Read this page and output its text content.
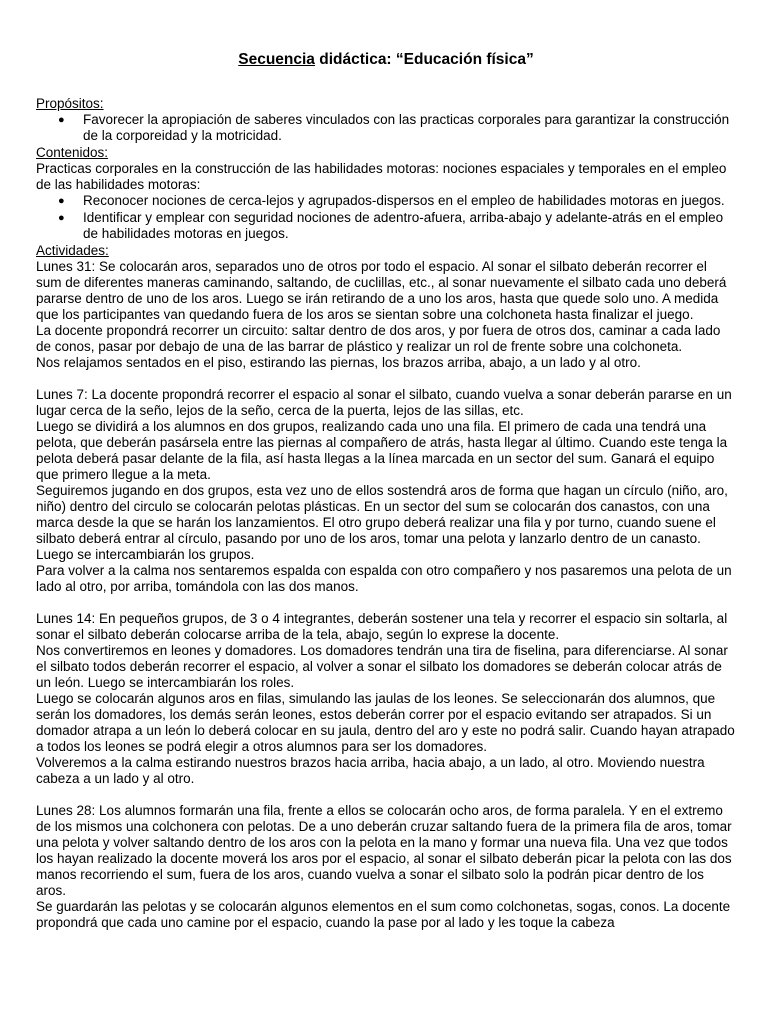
Secuencia didáctica: “Educación física”

Propósitos:

● Favorecer la apropiación de saberes vinculados con las practicas corporales para garantizar la construcción de la corporeidad y la motricidad.

Contenidos:

Practicas corporales en la construcción de las habilidades motoras: nociones espaciales y temporales en el empleo de las habilidades motoras:

● Reconocer nociones de cerca-lejos y agrupados-dispersos en el empleo de habilidades motoras en juegos.
● Identificar y emplear con seguridad nociones de adentro-afuera, arriba-abajo y adelante-atrás en el empleo de habilidades motoras en juegos.

Actividades:

Lunes 31: Se colocarán aros, separados uno de otros por todo el espacio. Al sonar el silbato deberán recorrer el sum de diferentes maneras caminando, saltando, de cuclillas, etc., al sonar nuevamente el silbato cada uno deberá pararse dentro de uno de los aros. Luego se irán retirando de a uno los aros, hasta que quede solo uno. A medida que los participantes van quedando fuera de los aros se sientan sobre una colchoneta hasta finalizar el juego.

La docente propondrá recorrer un circuito: saltar dentro de dos aros, y por fuera de otros dos, caminar a cada lado de conos, pasar por debajo de una de las barrar de plástico y realizar un rol de frente sobre una colchoneta.

Nos relajamos sentados en el piso, estirando las piernas, los brazos arriba, abajo, a un lado y al otro.

Lunes 7: La docente propondrá recorrer el espacio al sonar el silbato, cuando vuelva a sonar deberán pararse en un lugar cerca de la seño, lejos de la seño, cerca de la puerta, lejos de las sillas, etc.

Luego se dividirá a los alumnos en dos grupos, realizando cada uno una fila. El primero de cada una tendrá una pelota, que deberán pasársela entre las piernas al compañero de atrás, hasta llegar al último. Cuando este tenga la pelota deberá pasar delante de la fila, así hasta llegas a la línea marcada en un sector del sum. Ganará el equipo que primero llegue a la meta.

Seguiremos jugando en dos grupos, esta vez uno de ellos sostendrá aros de forma que hagan un círculo (niño, aro, niño) dentro del circulo se colocarán pelotas plásticas. En un sector del sum se colocarán dos canastos, con una marca desde la que se harán los lanzamientos. El otro grupo deberá realizar una fila y por turno, cuando suene el silbato deberá entrar al círculo, pasando por uno de los aros, tomar una pelota y lanzarlo dentro de un canasto. Luego se intercambiarán los grupos.

Para volver a la calma nos sentaremos espalda con espalda con otro compañero y nos pasaremos una pelota de un lado al otro, por arriba, tomándola con las dos manos.

Lunes 14: En pequeños grupos, de 3 o 4 integrantes, deberán sostener una tela y recorrer el espacio sin soltarla, al sonar el silbato deberán colocarse arriba de la tela, abajo, según lo exprese la docente.

Nos convertiremos en leones y domadores. Los domadores tendrán una tira de fiselina, para diferenciarse. Al sonar el silbato todos deberán recorrer el espacio, al volver a sonar el silbato los domadores se deberán colocar atrás de un león. Luego se intercambiarán los roles.

Luego se colocarán algunos aros en filas, simulando las jaulas de los leones. Se seleccionarán dos alumnos, que serán los domadores, los demás serán leones, estos deberán correr por el espacio evitando ser atrapados. Si un domador atrapa a un león lo deberá colocar en su jaula, dentro del aro y este no podrá salir. Cuando hayan atrapado a todos los leones se podrá elegir a otros alumnos para ser los domadores.

Volveremos a la calma estirando nuestros brazos hacia arriba, hacia abajo, a un lado, al otro. Moviendo nuestra cabeza a un lado y al otro.

Lunes 28: Los alumnos formarán una fila, frente a ellos se colocarán ocho aros, de forma paralela. Y en el extremo de los mismos una colchonera con pelotas. De a uno deberán cruzar saltando fuera de la primera fila de aros, tomar una pelota y volver saltando dentro de los aros con la pelota en la mano y formar una nueva fila. Una vez que todos los hayan realizado la docente moverá los aros por el espacio, al sonar el silbato deberán picar la pelota con las dos manos recorriendo el sum, fuera de los aros, cuando vuelva a sonar el silbato solo la podrán picar dentro de los aros.

Se guardarán las pelotas y se colocarán algunos elementos en el sum como colchonetas, sogas, conos. La docente propondrá que cada uno camine por el espacio, cuando la pase por al lado y les toque la cabeza
